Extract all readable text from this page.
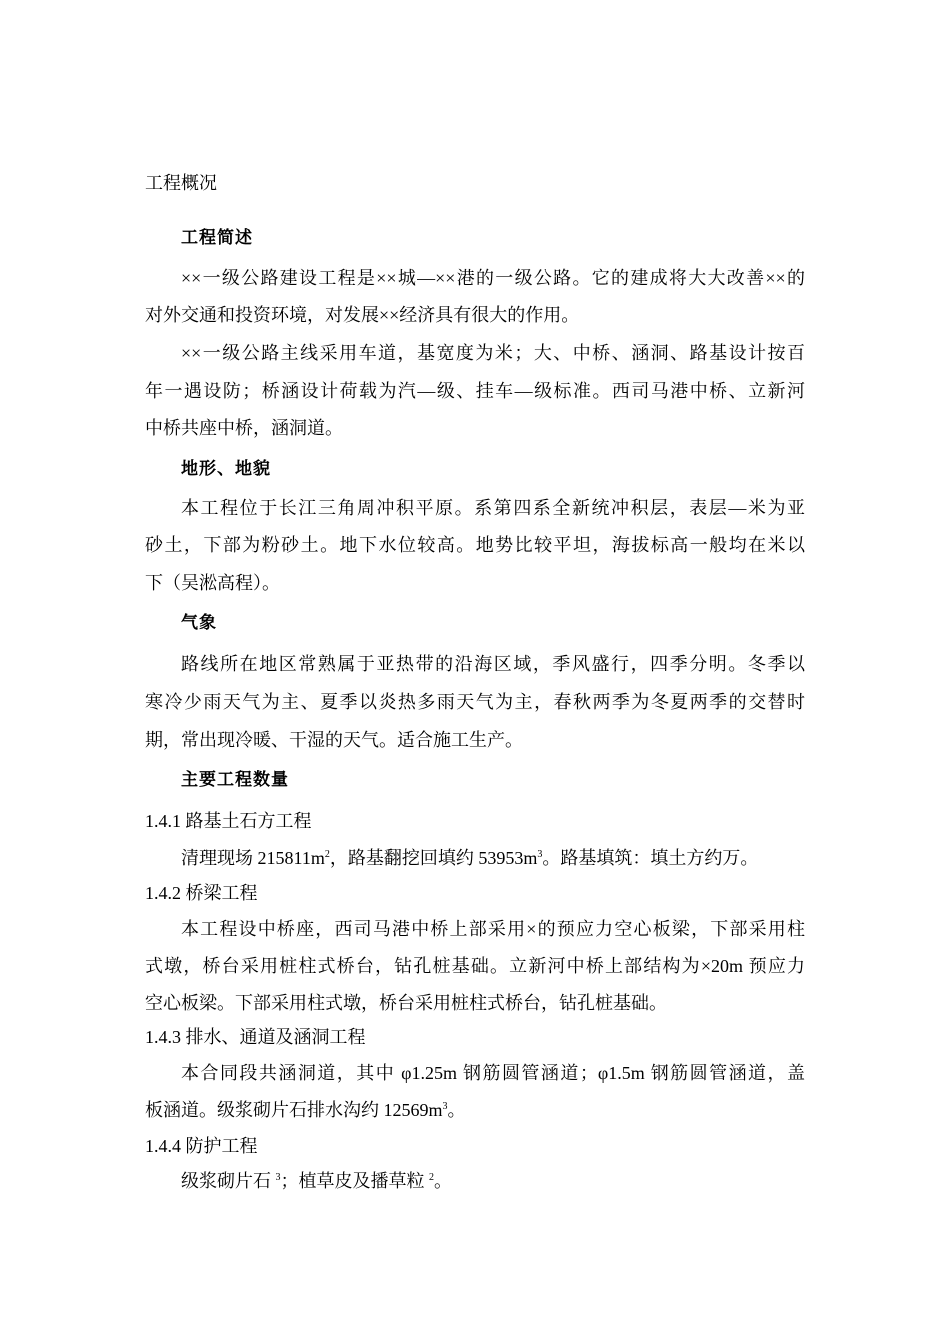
工程概况
工程简述
××一级公路建设工程是××城—××港的一级公路。它的建成将大大改善××的
对外交通和投资环境，对发展××经济具有很大的作用。
××一级公路主线采用车道，基宽度为米；大、中桥、涵洞、路基设计按百
年一遇设防；桥涵设计荷载为汽—级、挂车—级标准。西司马港中桥、立新河
中桥共座中桥，涵洞道。
地形、地貌
本工程位于长江三角周冲积平原。系第四系全新统冲积层，表层—米为亚
砂土，下部为粉砂土。地下水位较高。地势比较平坦，海拔标高一般均在米以
下（吴淞高程）。
气象
路线所在地区常熟属于亚热带的沿海区域，季风盛行，四季分明。冬季以
寒冷少雨天气为主、夏季以炎热多雨天气为主，春秋两季为冬夏两季的交替时
期，常出现冷暖、干湿的天气。适合施工生产。
主要工程数量
1.4.1 路基土石方工程
清理现场 $215811m^2$，路基翻挖回填约 $53953m^3$。路基填筑：填土方约万。
1.4.2 桥梁工程
本工程设中桥座，西司马港中桥上部采用×的预应力空心板梁，下部采用柱
式墩，桥台采用桩柱式桥台，钻孔桩基础。立新河中桥上部结构为×20m 预应力
空心板梁。下部采用柱式墩，桥台采用桩柱式桥台，钻孔桩基础。
1.4.3 排水、通道及涵洞工程
本合同段共涵洞道，其中 φ1.25m 钢筋圆管涵道；φ1.5m 钢筋圆管涵道，盖
板涵道。级浆砌片石排水沟约 $12569m^3$。
1.4.4 防护工程
级浆砌片石 $^3$；植草皮及播草粒 $^2$。
